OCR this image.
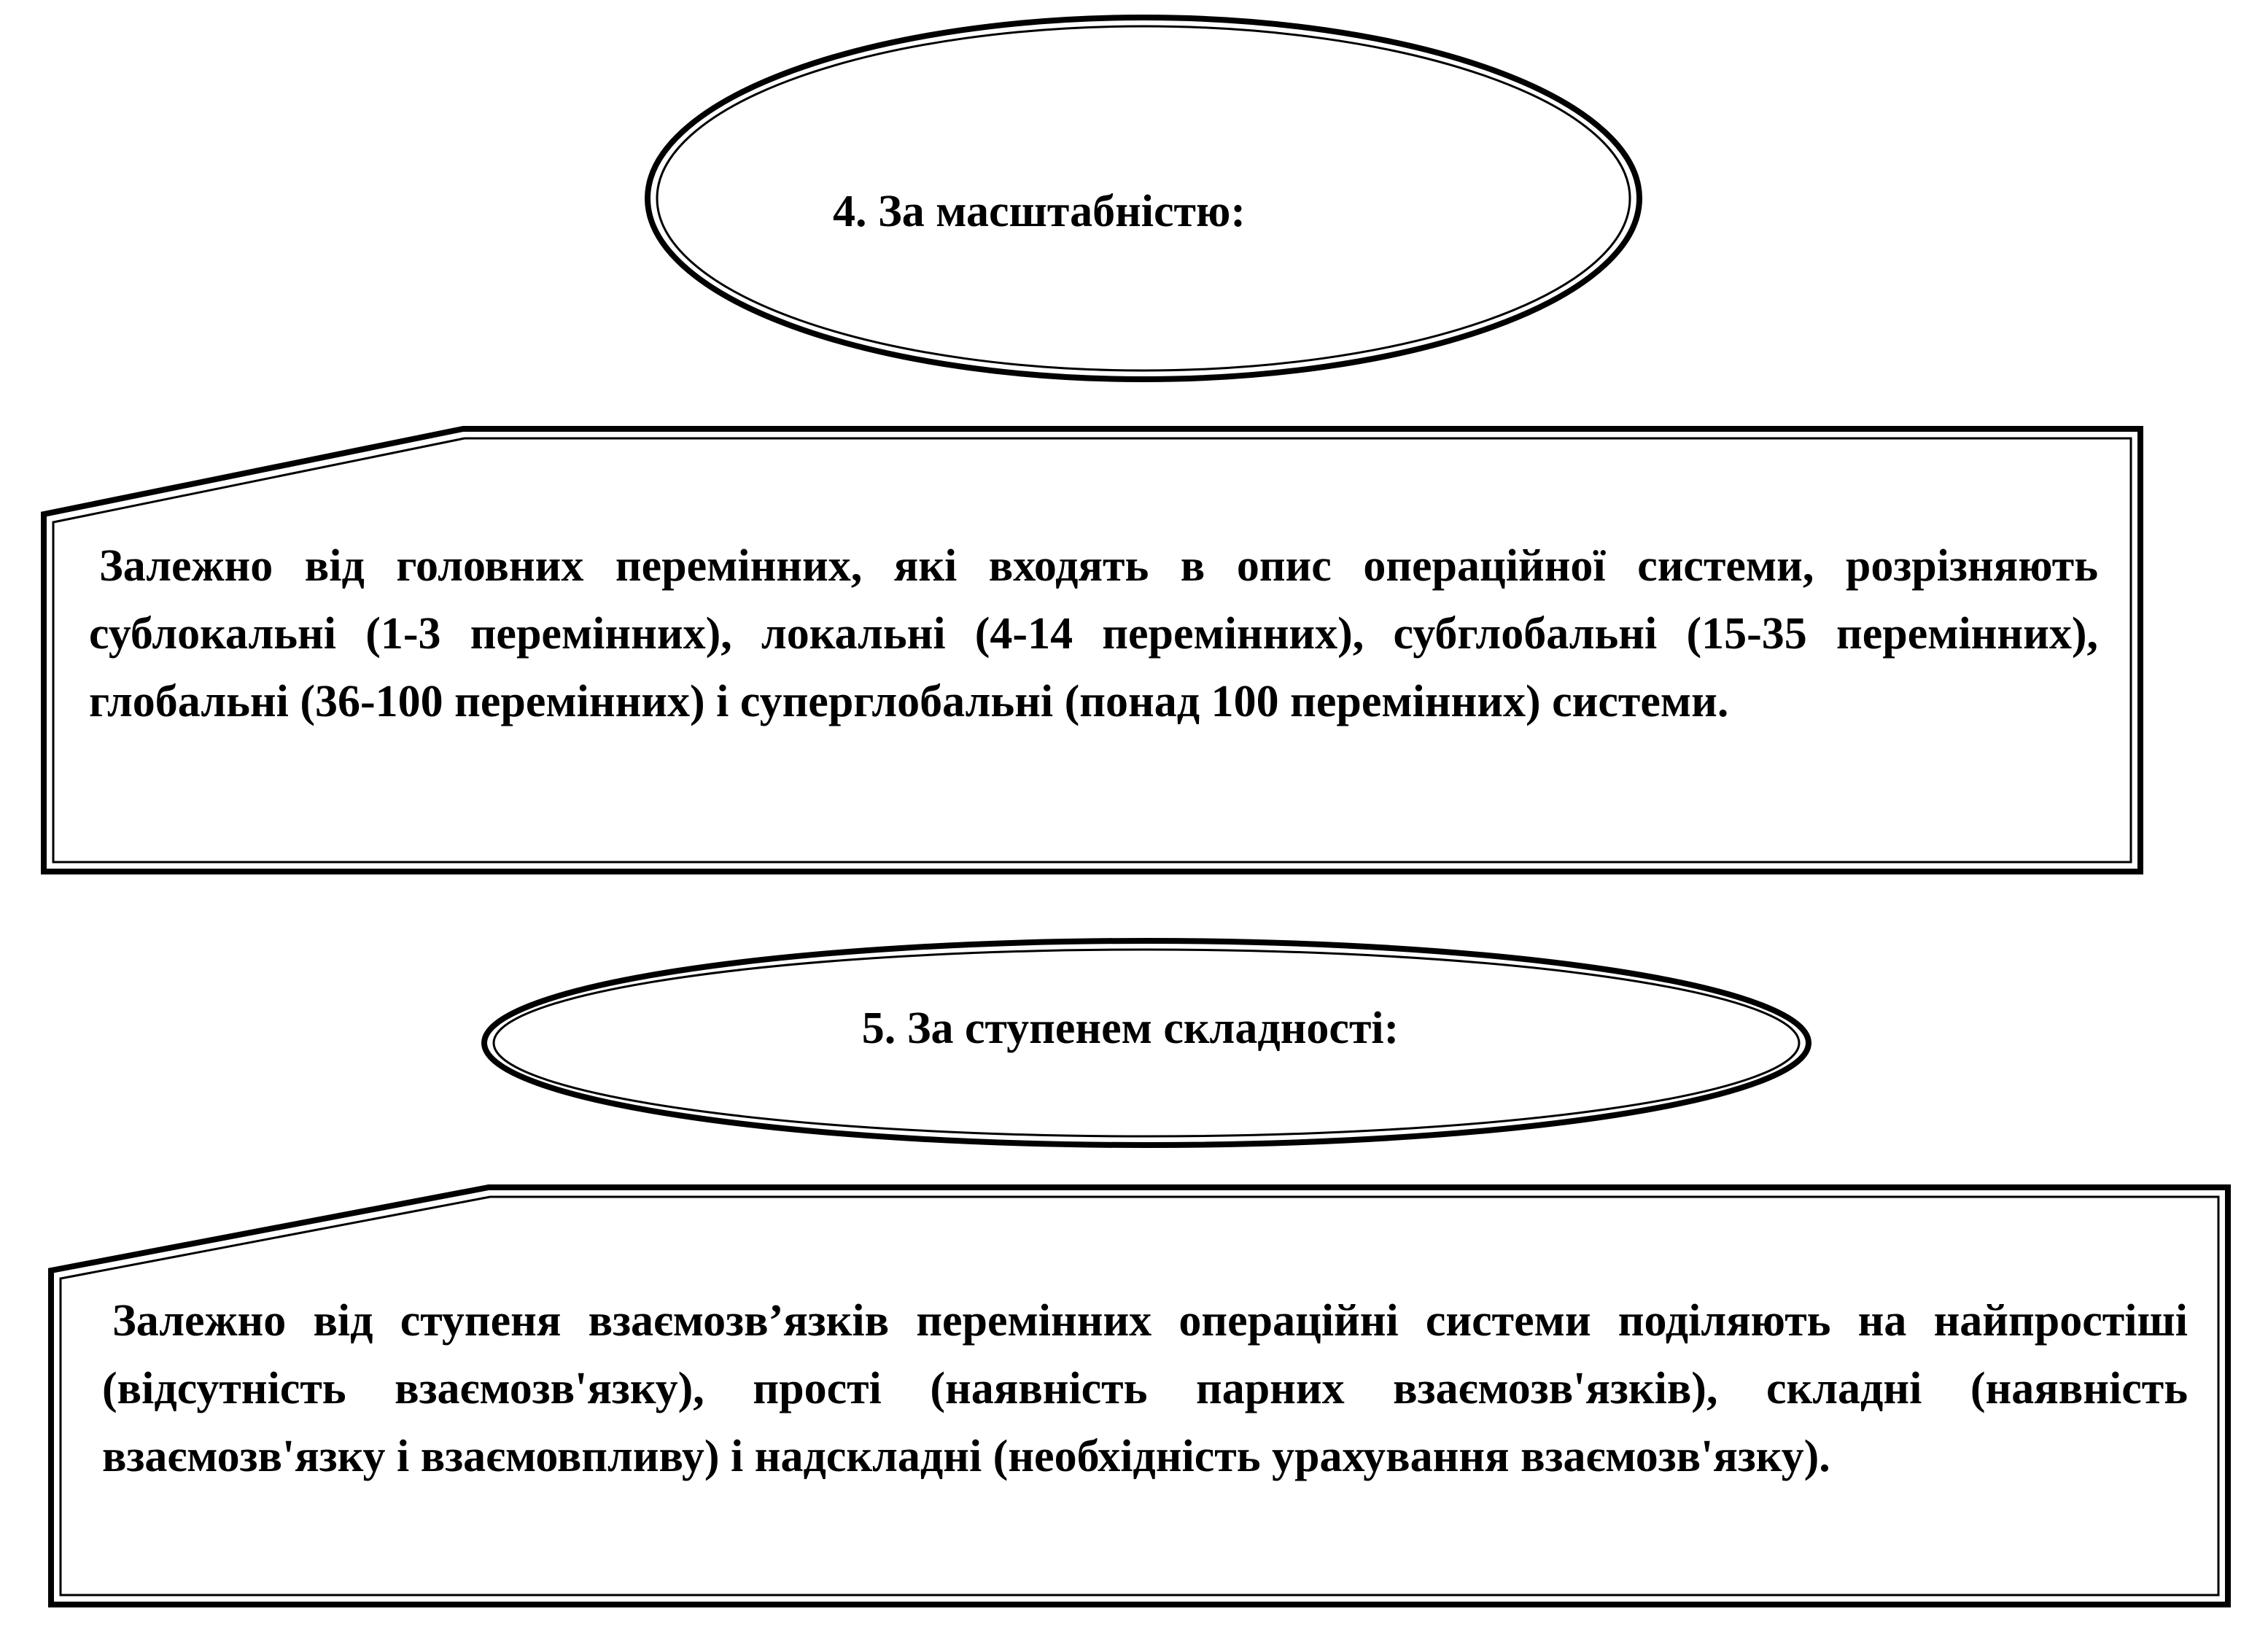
4. За масштабністю:
Залежно від головних перемінних, які входять в опис операційної системи, розрізняють сублокальні (1-3 перемінних), локальні (4-14 перемінних), субглобальні (15-35 перемінних), глобальні (36-100 перемінних) і суперглобальні (понад 100 перемінних) системи.
5. За ступенем складності:
Залежно від ступеня взаємозв’язків перемінних операційні системи поділяють на найпростіші (відсутність взаємозв'язку), прості (наявність парних взаємозв'язків), складні (наявність взаємозв'язку і взаємовпливу) і надскладні (необхідність урахування взаємозв'язку).
